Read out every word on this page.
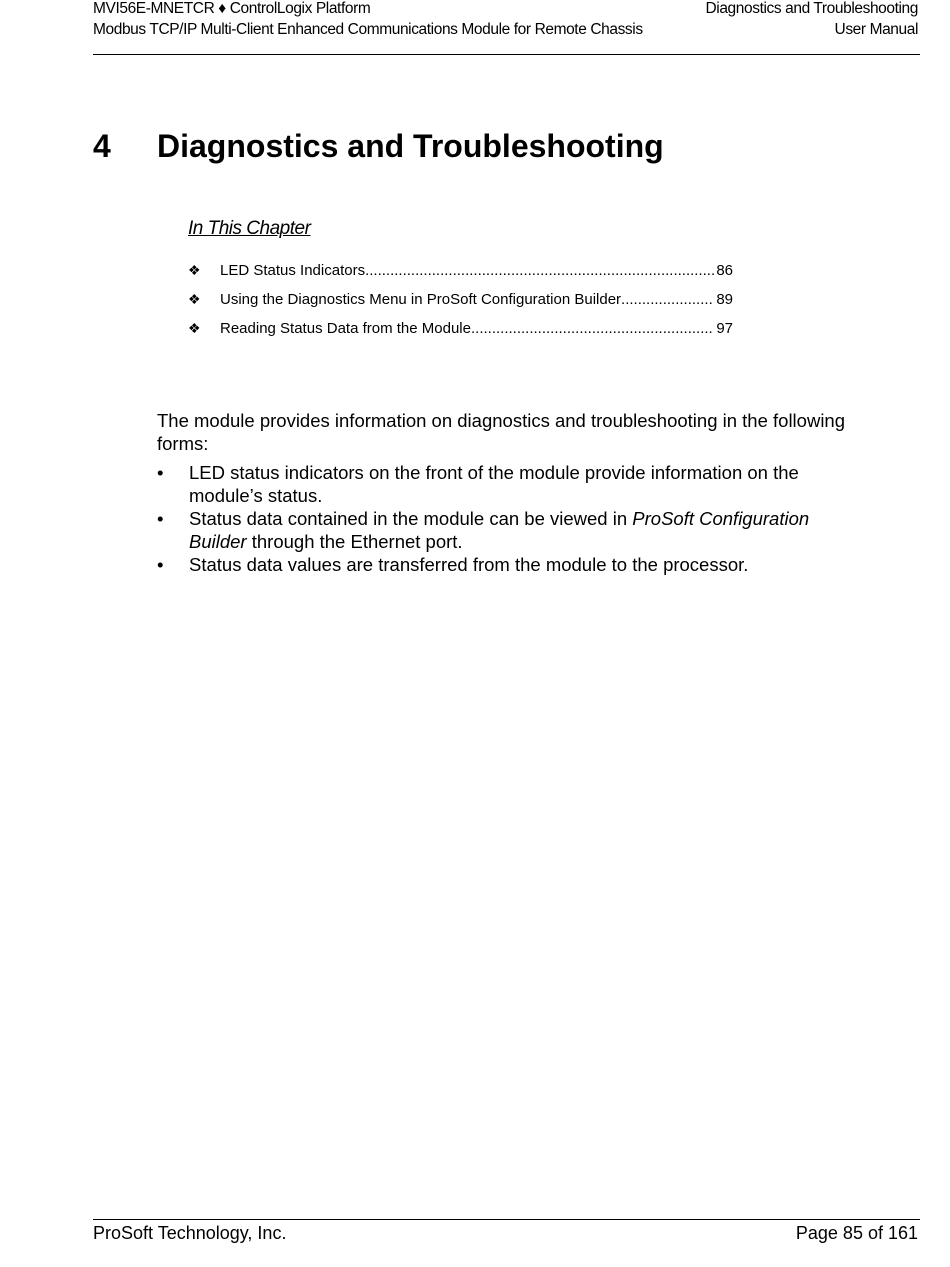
MVI56E-MNETCR ♦ ControlLogix Platform	Diagnostics and Troubleshooting
Modbus TCP/IP Multi-Client Enhanced Communications Module for Remote Chassis	User Manual
4 Diagnostics and Troubleshooting
In This Chapter
❖	LED Status Indicators .....	86
❖	Using the Diagnostics Menu in ProSoft Configuration Builder .....	89
❖	Reading Status Data from the Module .....	97
The module provides information on diagnostics and troubleshooting in the following forms:
• LED status indicators on the front of the module provide information on the module’s status.
• Status data contained in the module can be viewed in ProSoft Configuration Builder through the Ethernet port.
• Status data values are transferred from the module to the processor.
ProSoft Technology, Inc.	Page 85 of 161
